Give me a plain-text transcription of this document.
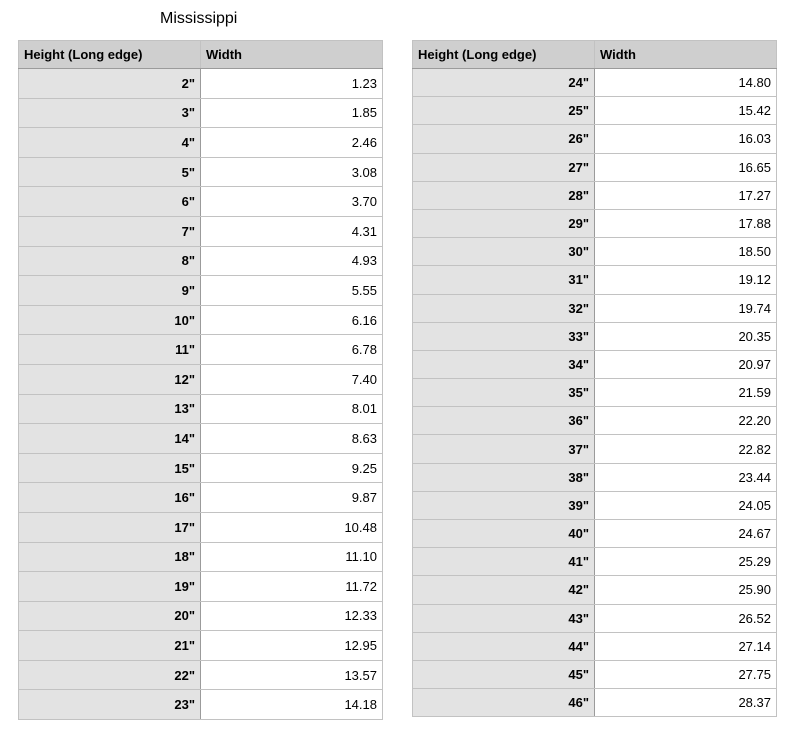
Mississippi
Height (Long edge)	Width
2"	1.23
3"	1.85
4"	2.46
5"	3.08
6"	3.70
7"	4.31
8"	4.93
9"	5.55
10"	6.16
11"	6.78
12"	7.40
13"	8.01
14"	8.63
15"	9.25
16"	9.87
17"	10.48
18"	11.10
19"	11.72
20"	12.33
21"	12.95
22"	13.57
23"	14.18
Height (Long edge)	Width
24"	14.80
25"	15.42
26"	16.03
27"	16.65
28"	17.27
29"	17.88
30"	18.50
31"	19.12
32"	19.74
33"	20.35
34"	20.97
35"	21.59
36"	22.20
37"	22.82
38"	23.44
39"	24.05
40"	24.67
41"	25.29
42"	25.90
43"	26.52
44"	27.14
45"	27.75
46"	28.37
